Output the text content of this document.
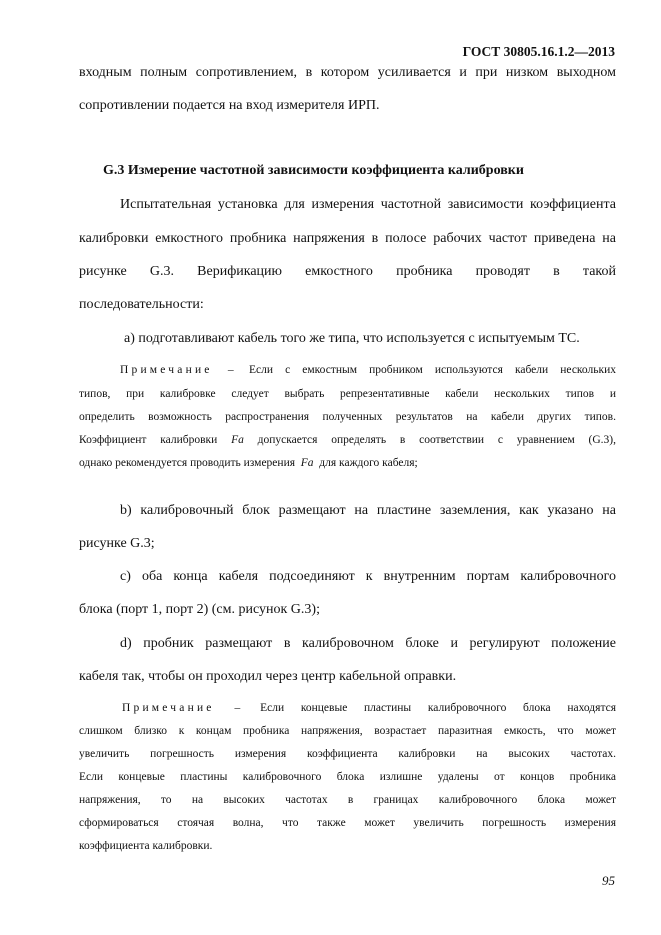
ГОСТ 30805.16.1.2—2013
входным полным сопротивлением, в котором усиливается и при низком выходном
сопротивлении подается на вход измерителя ИРП.
G.3 Измерение частотной зависимости коэффициента калибровки
Испытательная установка для измерения частотной зависимости коэффициента
калибровки емкостного пробника напряжения в полосе рабочих частот приведена на
рисунке G.3. Верификацию емкостного пробника проводят в такой
последовательности:
а) подготавливают кабель того же типа, что используется с испытуемым ТС.
Примечание – Если с емкостным пробником используются кабели нескольких
типов, при калибровке следует выбрать репрезентативные кабели нескольких типов и
определить возможность распространения полученных результатов на кабели других типов.
Коэффициент калибровки Fa допускается определять в соответствии с уравнением (G.3),
однако рекомендуется проводить измерения Fa для каждого кабеля;
b) калибровочный блок размещают на пластине заземления, как указано на
рисунке G.3;
c) оба конца кабеля подсоединяют к внутренним портам калибровочного
блока (порт 1, порт 2) (см. рисунок G.3);
d) пробник размещают в калибровочном блоке и регулируют положение
кабеля так, чтобы он проходил через центр кабельной оправки.
Примечание – Если концевые пластины калибровочного блока находятся
слишком близко к концам пробника напряжения, возрастает паразитная емкость, что может
увеличить погрешность измерения коэффициента калибровки на высоких частотах.
Если концевые пластины калибровочного блока излишне удалены от концов пробника
напряжения, то на высоких частотах в границах калибровочного блока может
сформироваться стоячая волна, что также может увеличить погрешность измерения
коэффициента калибровки.
95
